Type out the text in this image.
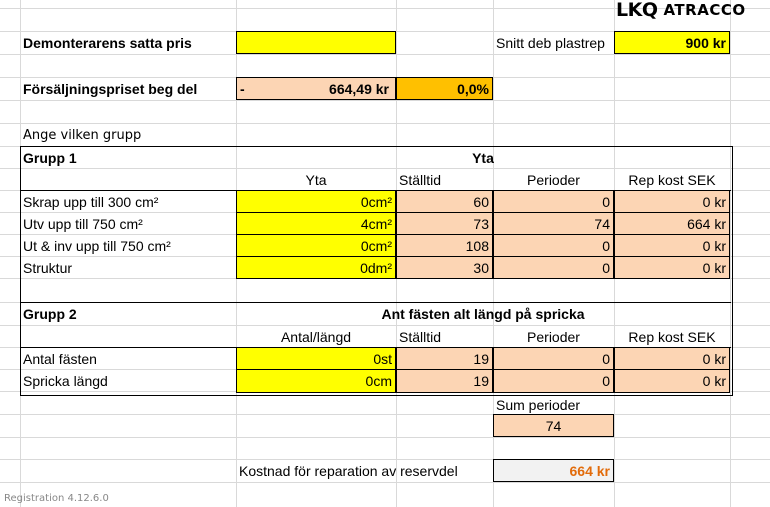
LKQ ATRACCO
Demonterarens satta pris	Snitt deb plastrep	900 kr
Försäljningspriset beg del	-	664,49 kr	0,0%
Ange vilken grupp
Grupp 1	Yta
Yta	Ställtid	Perioder	Rep kost SEK
Skrap upp till 300 cm²	0cm²	60	0	0 kr
Utv upp till 750 cm²	4cm²	73	74	664 kr
Ut & inv upp till 750 cm²	0cm²	108	0	0 kr
Struktur	0dm²	30	0	0 kr
Grupp 2	Ant fästen alt längd på spricka
Antal/längd	Ställtid	Perioder	Rep kost SEK
Antal fästen	0st	19	0	0 kr
Spricka längd	0cm	19	0	0 kr
Sum perioder
74
Kostnad för reparation av reservdel	664 kr
Registration 4.12.6.0
